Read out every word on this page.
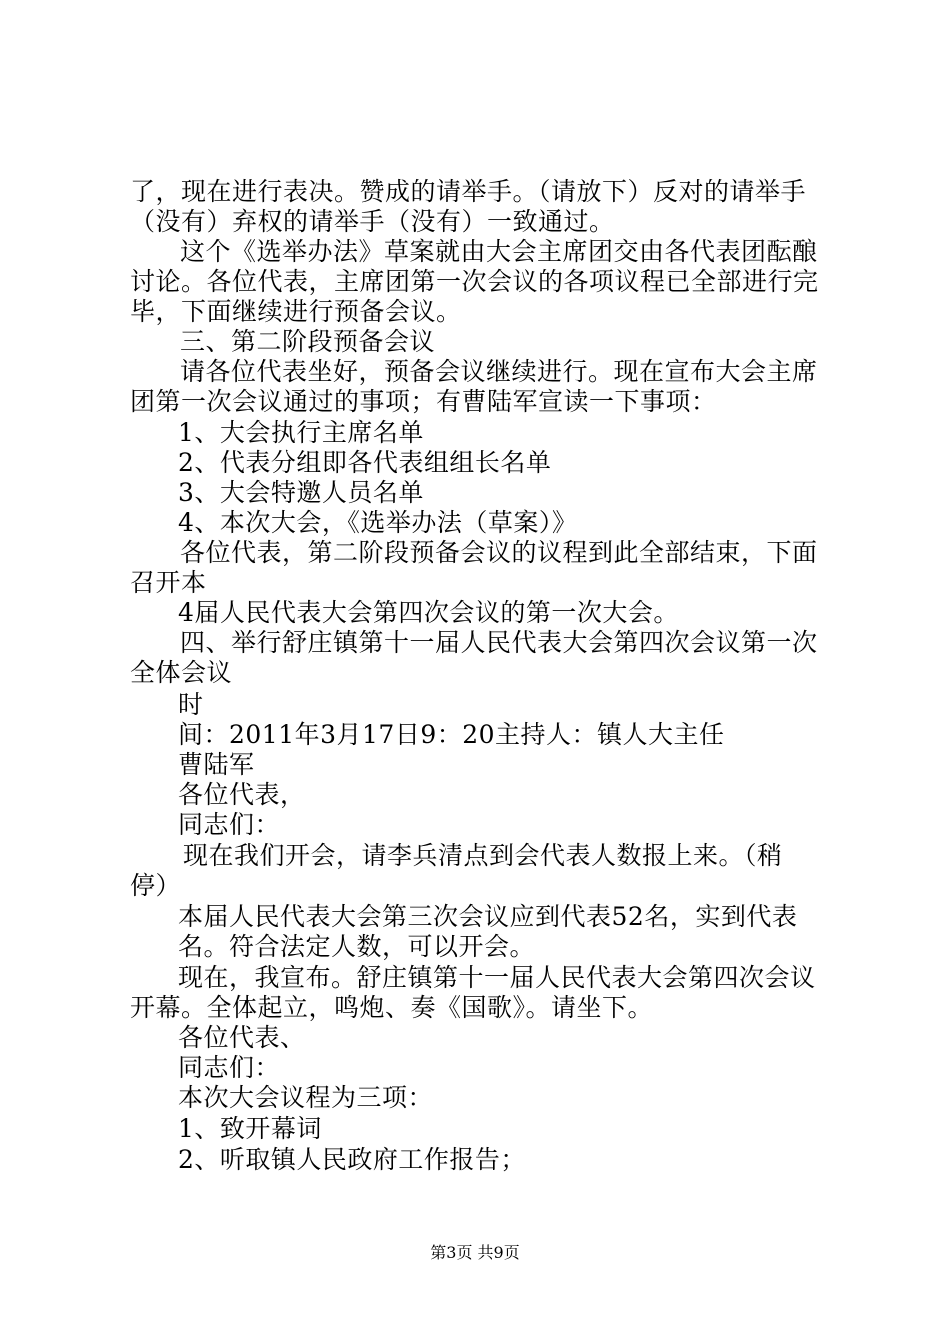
了，现在进行表决。赞成的请举手。（请放下）反对的请举手
（没有）弃权的请举手（没有）一致通过。
这个《选举办法》草案就由大会主席团交由各代表团酝酿
讨论。各位代表，主席团第一次会议的各项议程已全部进行完
毕，下面继续进行预备会议。
三、第二阶段预备会议
请各位代表坐好，预备会议继续进行。现在宣布大会主席
团第一次会议通过的事项；有曹陆军宣读一下事项：
1、大会执行主席名单
2、代表分组即各代表组组长名单
3、大会特邀人员名单
4、本次大会，《选举办法（草案）》
各位代表，第二阶段预备会议的议程到此全部结束，下面
召开本
4届人民代表大会第四次会议的第一次大会。
四、举行舒庄镇第十一届人民代表大会第四次会议第一次
全体会议
时
间：2011年3月17日9：20主持人：镇人大主任
曹陆军
各位代表，
同志们：
现在我们开会，请李兵清点到会代表人数报上来。（稍
停）
本届人民代表大会第三次会议应到代表52名，实到代表
名。符合法定人数，可以开会。
现在，我宣布。舒庄镇第十一届人民代表大会第四次会议
开幕。全体起立，鸣炮、奏《国歌》。请坐下。
各位代表、
同志们：
本次大会议程为三项：
1、致开幕词
2、听取镇人民政府工作报告；
第3页 共9页
